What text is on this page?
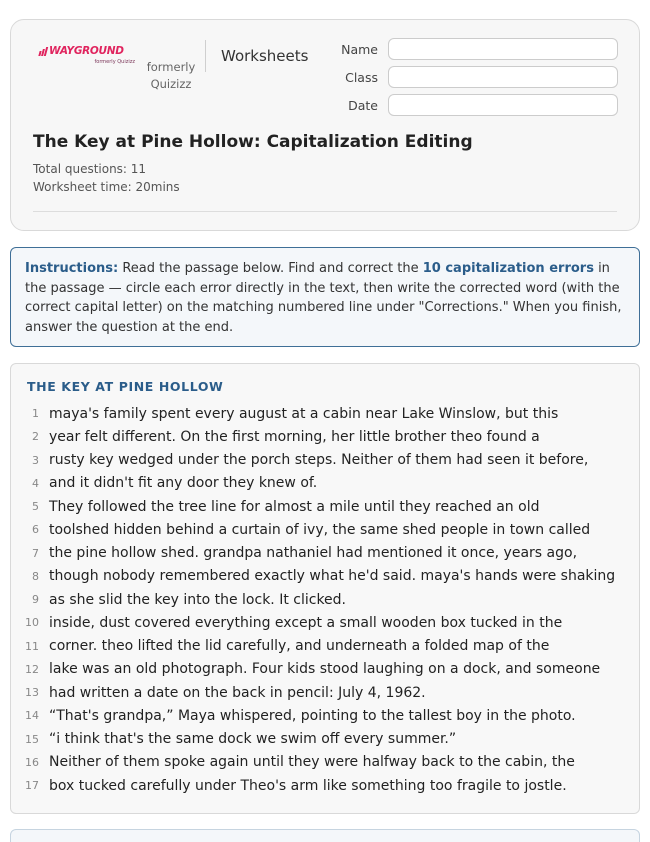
WAYGROUND
formerly Quizizz	formerly
Quizizz
Worksheets	Name
Class
Date
The Key at Pine Hollow: Capitalization Editing
Total questions: 11
Worksheet time: 20mins
Instructions: Read the passage below. Find and correct the 10 capitalization errors in the passage — circle each error directly in the text, then write the corrected word (with the correct capital letter) on the matching numbered line under "Corrections." When you finish, answer the question at the end.
THE KEY AT PINE HOLLOW
1 maya's family spent every august at a cabin near Lake Winslow, but this
2 year felt different. On the first morning, her little brother theo found a
3 rusty key wedged under the porch steps. Neither of them had seen it before,
4 and it didn't fit any door they knew of.
5 They followed the tree line for almost a mile until they reached an old
6 toolshed hidden behind a curtain of ivy, the same shed people in town called
7 the pine hollow shed. grandpa nathaniel had mentioned it once, years ago,
8 though nobody remembered exactly what he'd said. maya's hands were shaking
9 as she slid the key into the lock. It clicked.
10 inside, dust covered everything except a small wooden box tucked in the
11 corner. theo lifted the lid carefully, and underneath a folded map of the
12 lake was an old photograph. Four kids stood laughing on a dock, and someone
13 had written a date on the back in pencil: July 4, 1962.
14 “That's grandpa,” Maya whispered, pointing to the tallest boy in the photo.
15 “i think that's the same dock we swim off every summer.”
16 Neither of them spoke again until they were halfway back to the cabin, the
17 box tucked carefully under Theo's arm like something too fragile to jostle.
